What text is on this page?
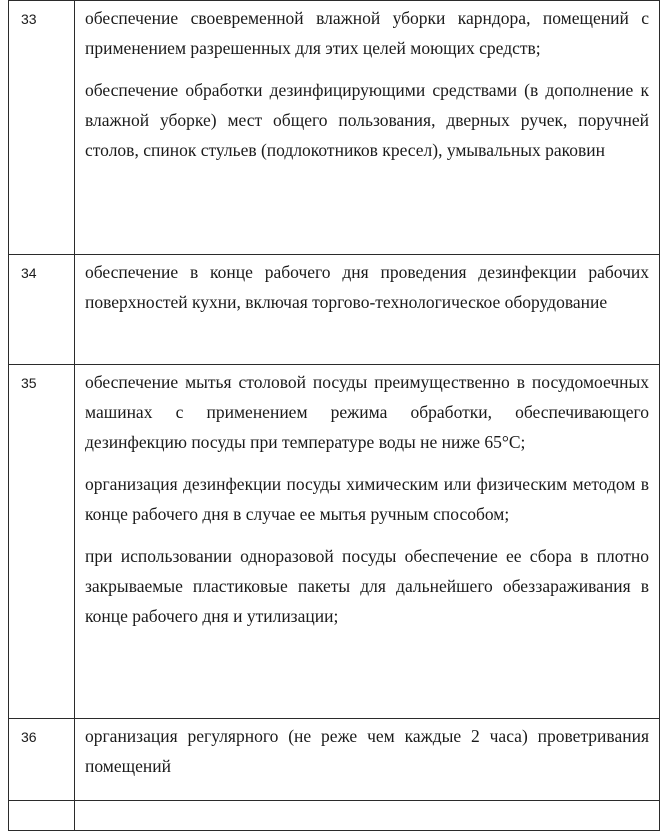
33	обеспечение своевременной влажной уборки карндора, помещений с применением разрешенных для этих целей моющих средств;

обеспечение обработки дезинфицирующими средствами (в дополнение к влажной уборке) мест общего пользования, дверных ручек, поручней столов, спинок стульев (подлокотников кресел), умывальных раковин

34	обеспечение в конце рабочего дня проведения дезинфекции рабочих поверхностей кухни, включая торгово-технологическое оборудование

35	обеспечение мытья столовой посуды преимущественно в посудомоечных машинах с применением режима обработки, обеспечивающего дезинфекцию посуды при температуре воды не ниже 65°C;

организация дезинфекции посуды химическим или физическим методом в конце рабочего дня в случае ее мытья ручным способом;

при использовании одноразовой посуды обеспечение ее сбора в плотно закрываемые пластиковые пакеты для дальнейшего обеззараживания в конце рабочего дня и утилизации;

36	организация регулярного (не реже чем каждые 2 часа) проветривания помещений
